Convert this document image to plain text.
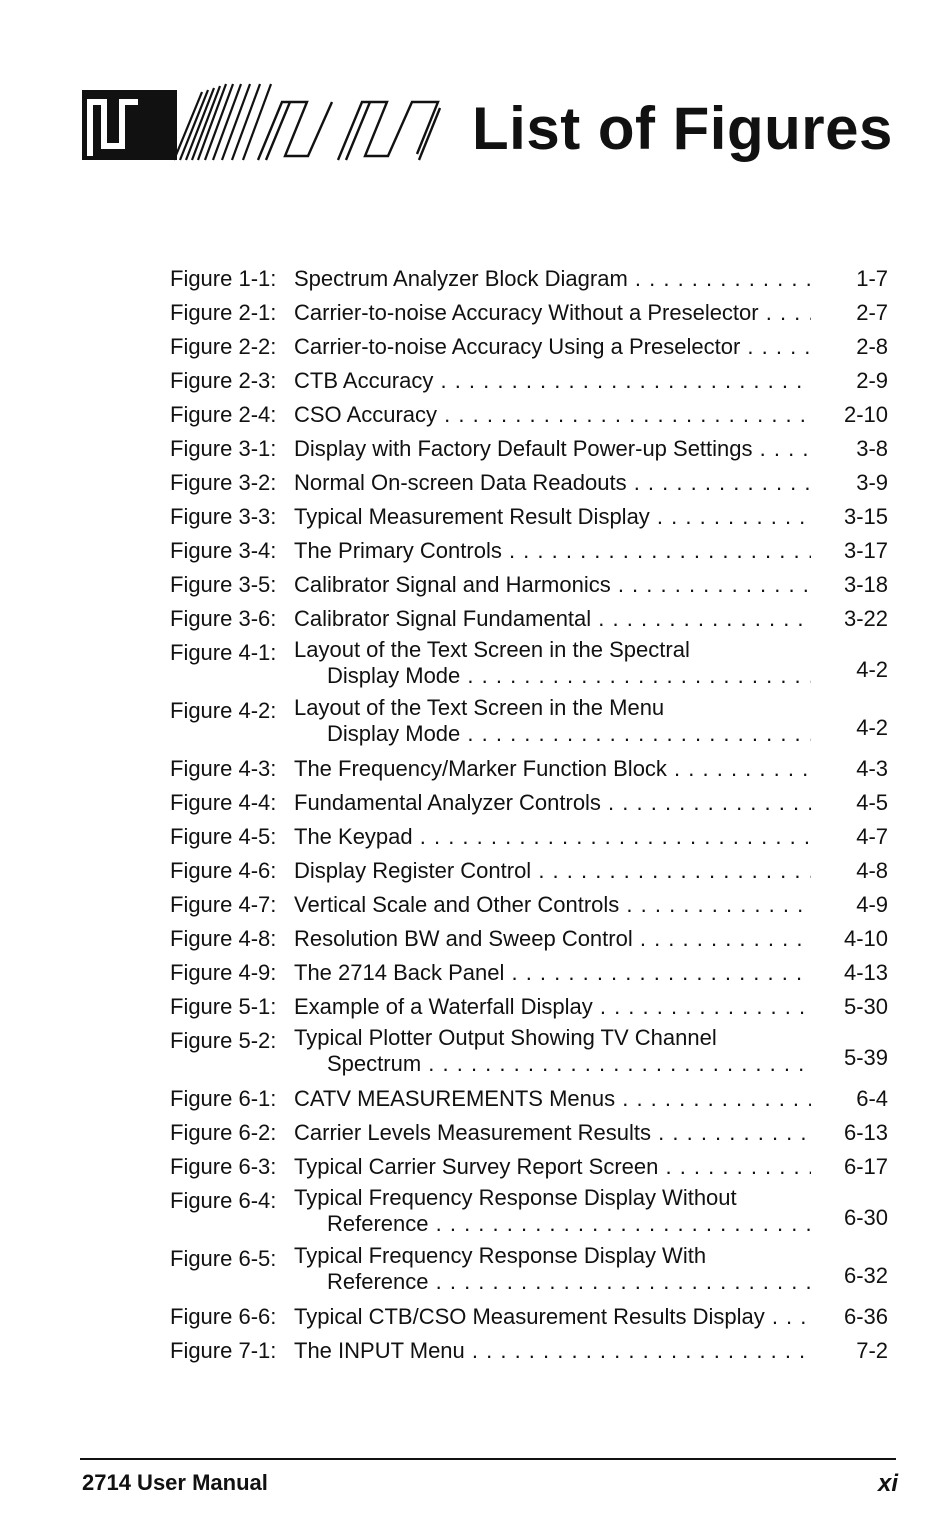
List of Figures
Figure 1-1: Spectrum Analyzer Block Diagram . . .	1-7
Figure 2-1: Carrier-to-noise Accuracy Without a Preselector . . .	2-7
Figure 2-2: Carrier-to-noise Accuracy Using a Preselector . . .	2-8
Figure 2-3: CTB Accuracy . . .	2-9
Figure 2-4: CSO Accuracy . . .	2-10
Figure 3-1: Display with Factory Default Power-up Settings . . .	3-8
Figure 3-2: Normal On-screen Data Readouts . . .	3-9
Figure 3-3: Typical Measurement Result Display . . .	3-15
Figure 3-4: The Primary Controls . . .	3-17
Figure 3-5: Calibrator Signal and Harmonics . . .	3-18
Figure 3-6: Calibrator Signal Fundamental . . .	3-22
Figure 4-1: Layout of the Text Screen in the Spectral
Display Mode . . .	4-2
Figure 4-2: Layout of the Text Screen in the Menu
Display Mode . . .	4-2
Figure 4-3: The Frequency/Marker Function Block . . .	4-3
Figure 4-4: Fundamental Analyzer Controls . . .	4-5
Figure 4-5: The Keypad . . .	4-7
Figure 4-6: Display Register Control . . .	4-8
Figure 4-7: Vertical Scale and Other Controls . . .	4-9
Figure 4-8: Resolution BW and Sweep Control . . .	4-10
Figure 4-9: The 2714 Back Panel . . .	4-13
Figure 5-1: Example of a Waterfall Display . . .	5-30
Figure 5-2: Typical Plotter Output Showing TV Channel
Spectrum . . .	5-39
Figure 6-1: CATV MEASUREMENTS Menus . . .	6-4
Figure 6-2: Carrier Levels Measurement Results . . .	6-13
Figure 6-3: Typical Carrier Survey Report Screen . . .	6-17
Figure 6-4: Typical Frequency Response Display Without
Reference . . .	6-30
Figure 6-5: Typical Frequency Response Display With
Reference . . .	6-32
Figure 6-6: Typical CTB/CSO Measurement Results Display . . .	6-36
Figure 7-1: The INPUT Menu . . .	7-2
2714 User Manual	xi
